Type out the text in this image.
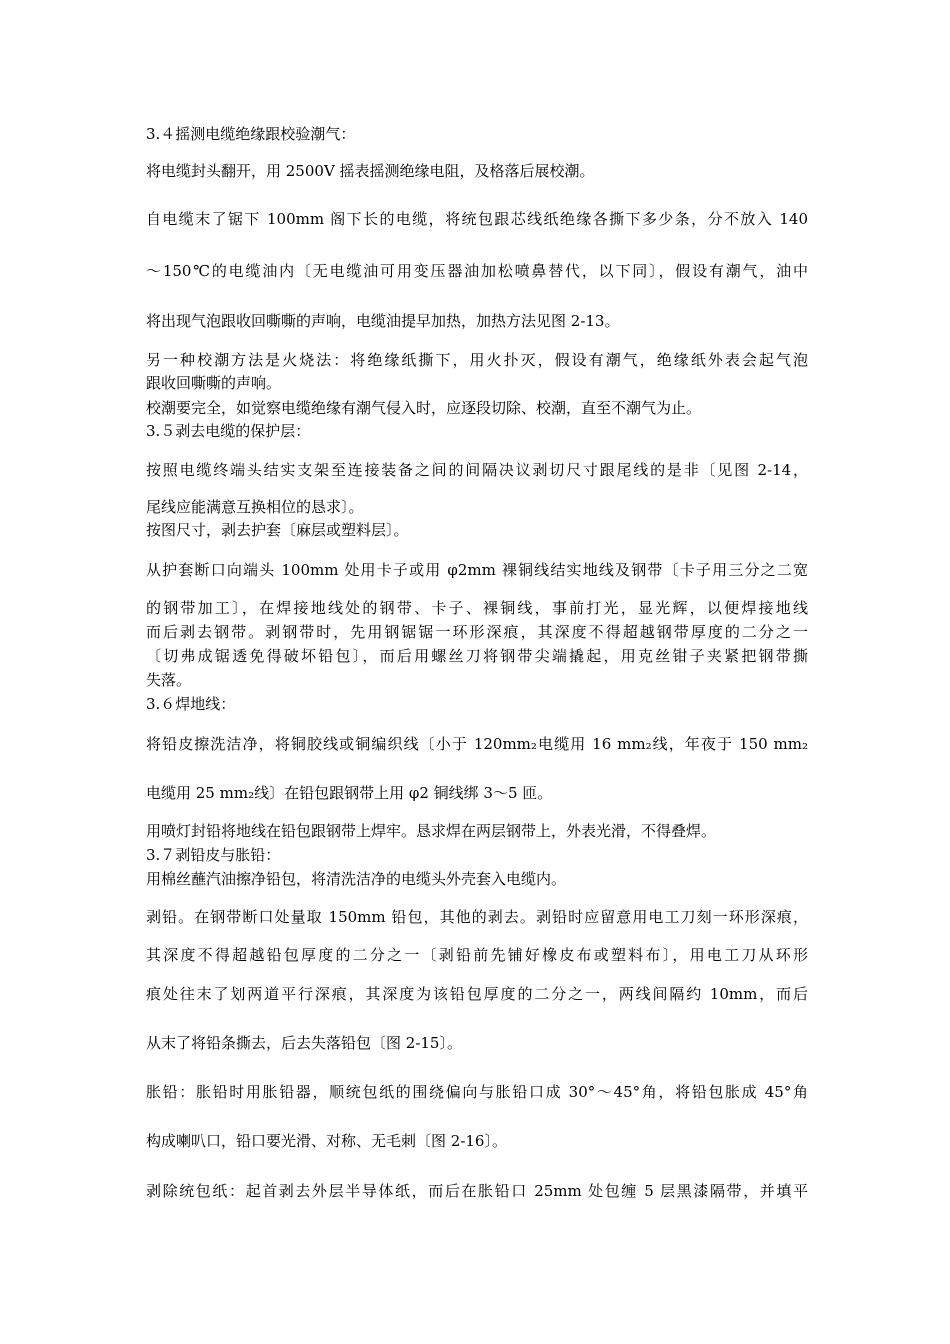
3.４摇测电缆绝缘跟校验潮气：
将电缆封头翻开，用 2500V 摇表摇测绝缘电阻，及格落后展校潮。
自电缆末了锯下 100mm 阁下长的电缆，将统包跟芯线纸绝缘各撕下多少条，分不放入 140
～150℃的电缆油内〔无电缆油可用变压器油加松喷鼻替代，以下同〕，假设有潮气，油中
将出现气泡跟收回嘶嘶的声响，电缆油提早加热，加热方法见图 2-13。
另一种校潮方法是火烧法：将绝缘纸撕下，用火扑灭，假设有潮气，绝缘纸外表会起气泡
跟收回嘶嘶的声响。
校潮要完全，如觉察电缆绝缘有潮气侵入时，应逐段切除、校潮，直至不潮气为止。
3.５剥去电缆的保护层：
按照电缆终端头结实支架至连接装备之间的间隔决议剥切尺寸跟尾线的是非〔见图 2-14，
尾线应能满意互换相位的恳求〕。
按图尺寸，剥去护套〔麻层或塑料层〕。
从护套断口向端头 100mm 处用卡子或用 φ2mm 裸铜线结实地线及钢带〔卡子用三分之二宽
的钢带加工〕，在焊接地线处的钢带、卡子、裸铜线，事前打光，显光辉，以便焊接地线
而后剥去钢带。剥钢带时，先用钢锯锯一环形深痕，其深度不得超越钢带厚度的二分之一
〔切弗成锯透免得破坏铅包〕，而后用螺丝刀将钢带尖端撬起，用克丝钳子夹紧把钢带撕
失落。
3.６焊地线：
将铅皮擦洗洁净，将铜胶线或铜编织线〔小于 120mm₂电缆用 16 mm₂线，年夜于 150 mm₂
电缆用 25 mm₂线〕在铅包跟钢带上用 φ2 铜线绑 3～5 匝。
用喷灯封铅将地线在铅包跟钢带上焊牢。恳求焊在两层钢带上，外表光滑，不得叠焊。
3.７剥铅皮与胀铅：
用棉丝蘸汽油擦净铅包，将清洗洁净的电缆头外壳套入电缆内。
剥铅。在钢带断口处量取 150mm 铅包，其他的剥去。剥铅时应留意用电工刀刻一环形深痕，
其深度不得超越铅包厚度的二分之一〔剥铅前先铺好橡皮布或塑料布〕，用电工刀从环形
痕处往末了划两道平行深痕，其深度为该铅包厚度的二分之一，两线间隔约 10mm，而后
从末了将铅条撕去，后去失落铅包〔图 2-15〕。
胀铅：胀铅时用胀铅器，顺统包纸的围绕偏向与胀铅口成 30°～45°角，将铅包胀成 45°角
构成喇叭口，铅口要光滑、对称、无毛刺〔图 2-16〕。
剥除统包纸：起首剥去外层半导体纸，而后在胀铅口 25mm 处包缠 5 层黑漆隔带，并填平
